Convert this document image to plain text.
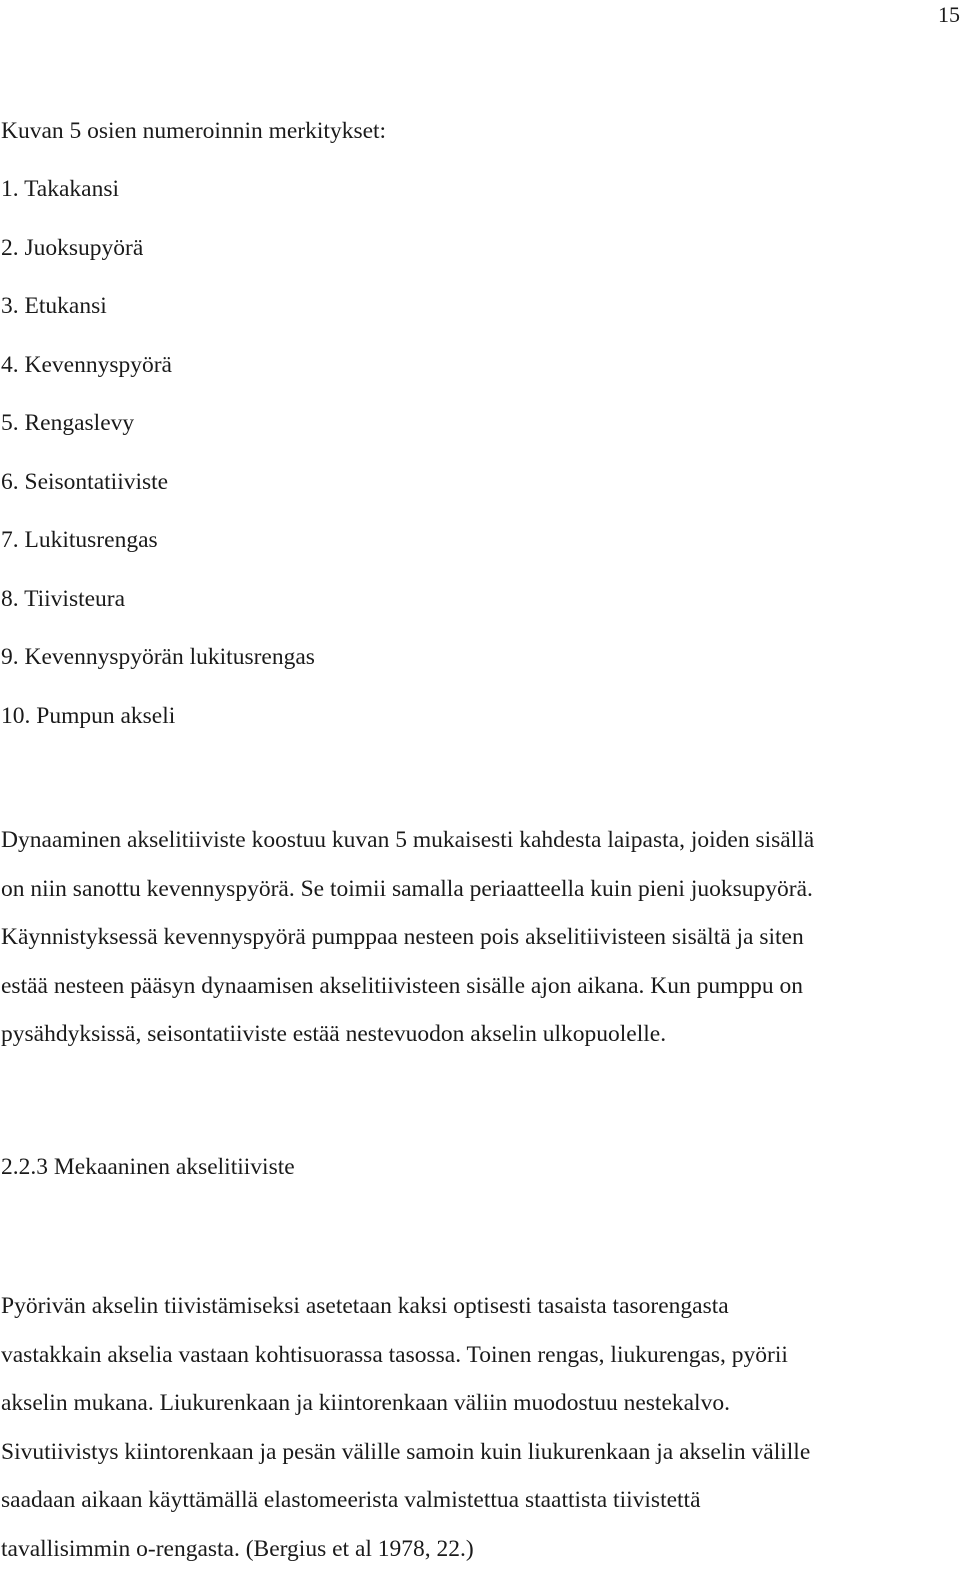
15

Kuvan 5 osien numeroinnin merkitykset:

1. Takakansi
2. Juoksupyörä
3. Etukansi
4. Kevennyspyörä
5. Rengaslevy
6. Seisontatiiviste
7. Lukitusrengas
8. Tiivisteura
9. Kevennyspyörän lukitusrengas
10. Pumpun akseli

Dynaaminen akselitiiviste koostuu kuvan 5 mukaisesti kahdesta laipasta, joiden sisällä
on niin sanottu kevennyspyörä. Se toimii samalla periaatteella kuin pieni juoksupyörä.
Käynnistyksessä kevennyspyörä pumppaa nesteen pois akselitiivisteen sisältä ja siten
estää nesteen pääsyn dynaamisen akselitiivisteen sisälle ajon aikana. Kun pumppu on
pysähdyksissä, seisontatiiviste estää nestevuodon akselin ulkopuolelle.

2.2.3 Mekaaninen akselitiiviste

Pyörivän akselin tiivistämiseksi asetetaan kaksi optisesti tasaista tasorengasta
vastakkain akselia vastaan kohtisuorassa tasossa. Toinen rengas, liukurengas, pyörii
akselin mukana. Liukurenkaan ja kiintorenkaan väliin muodostuu nestekalvo.
Sivutiivistys kiintorenkaan ja pesän välille samoin kuin liukurenkaan ja akselin välille
saadaan aikaan käyttämällä elastomeerista valmistettua staattista tiivistettä
tavallisimmin o-rengasta. (Bergius et al 1978, 22.)
